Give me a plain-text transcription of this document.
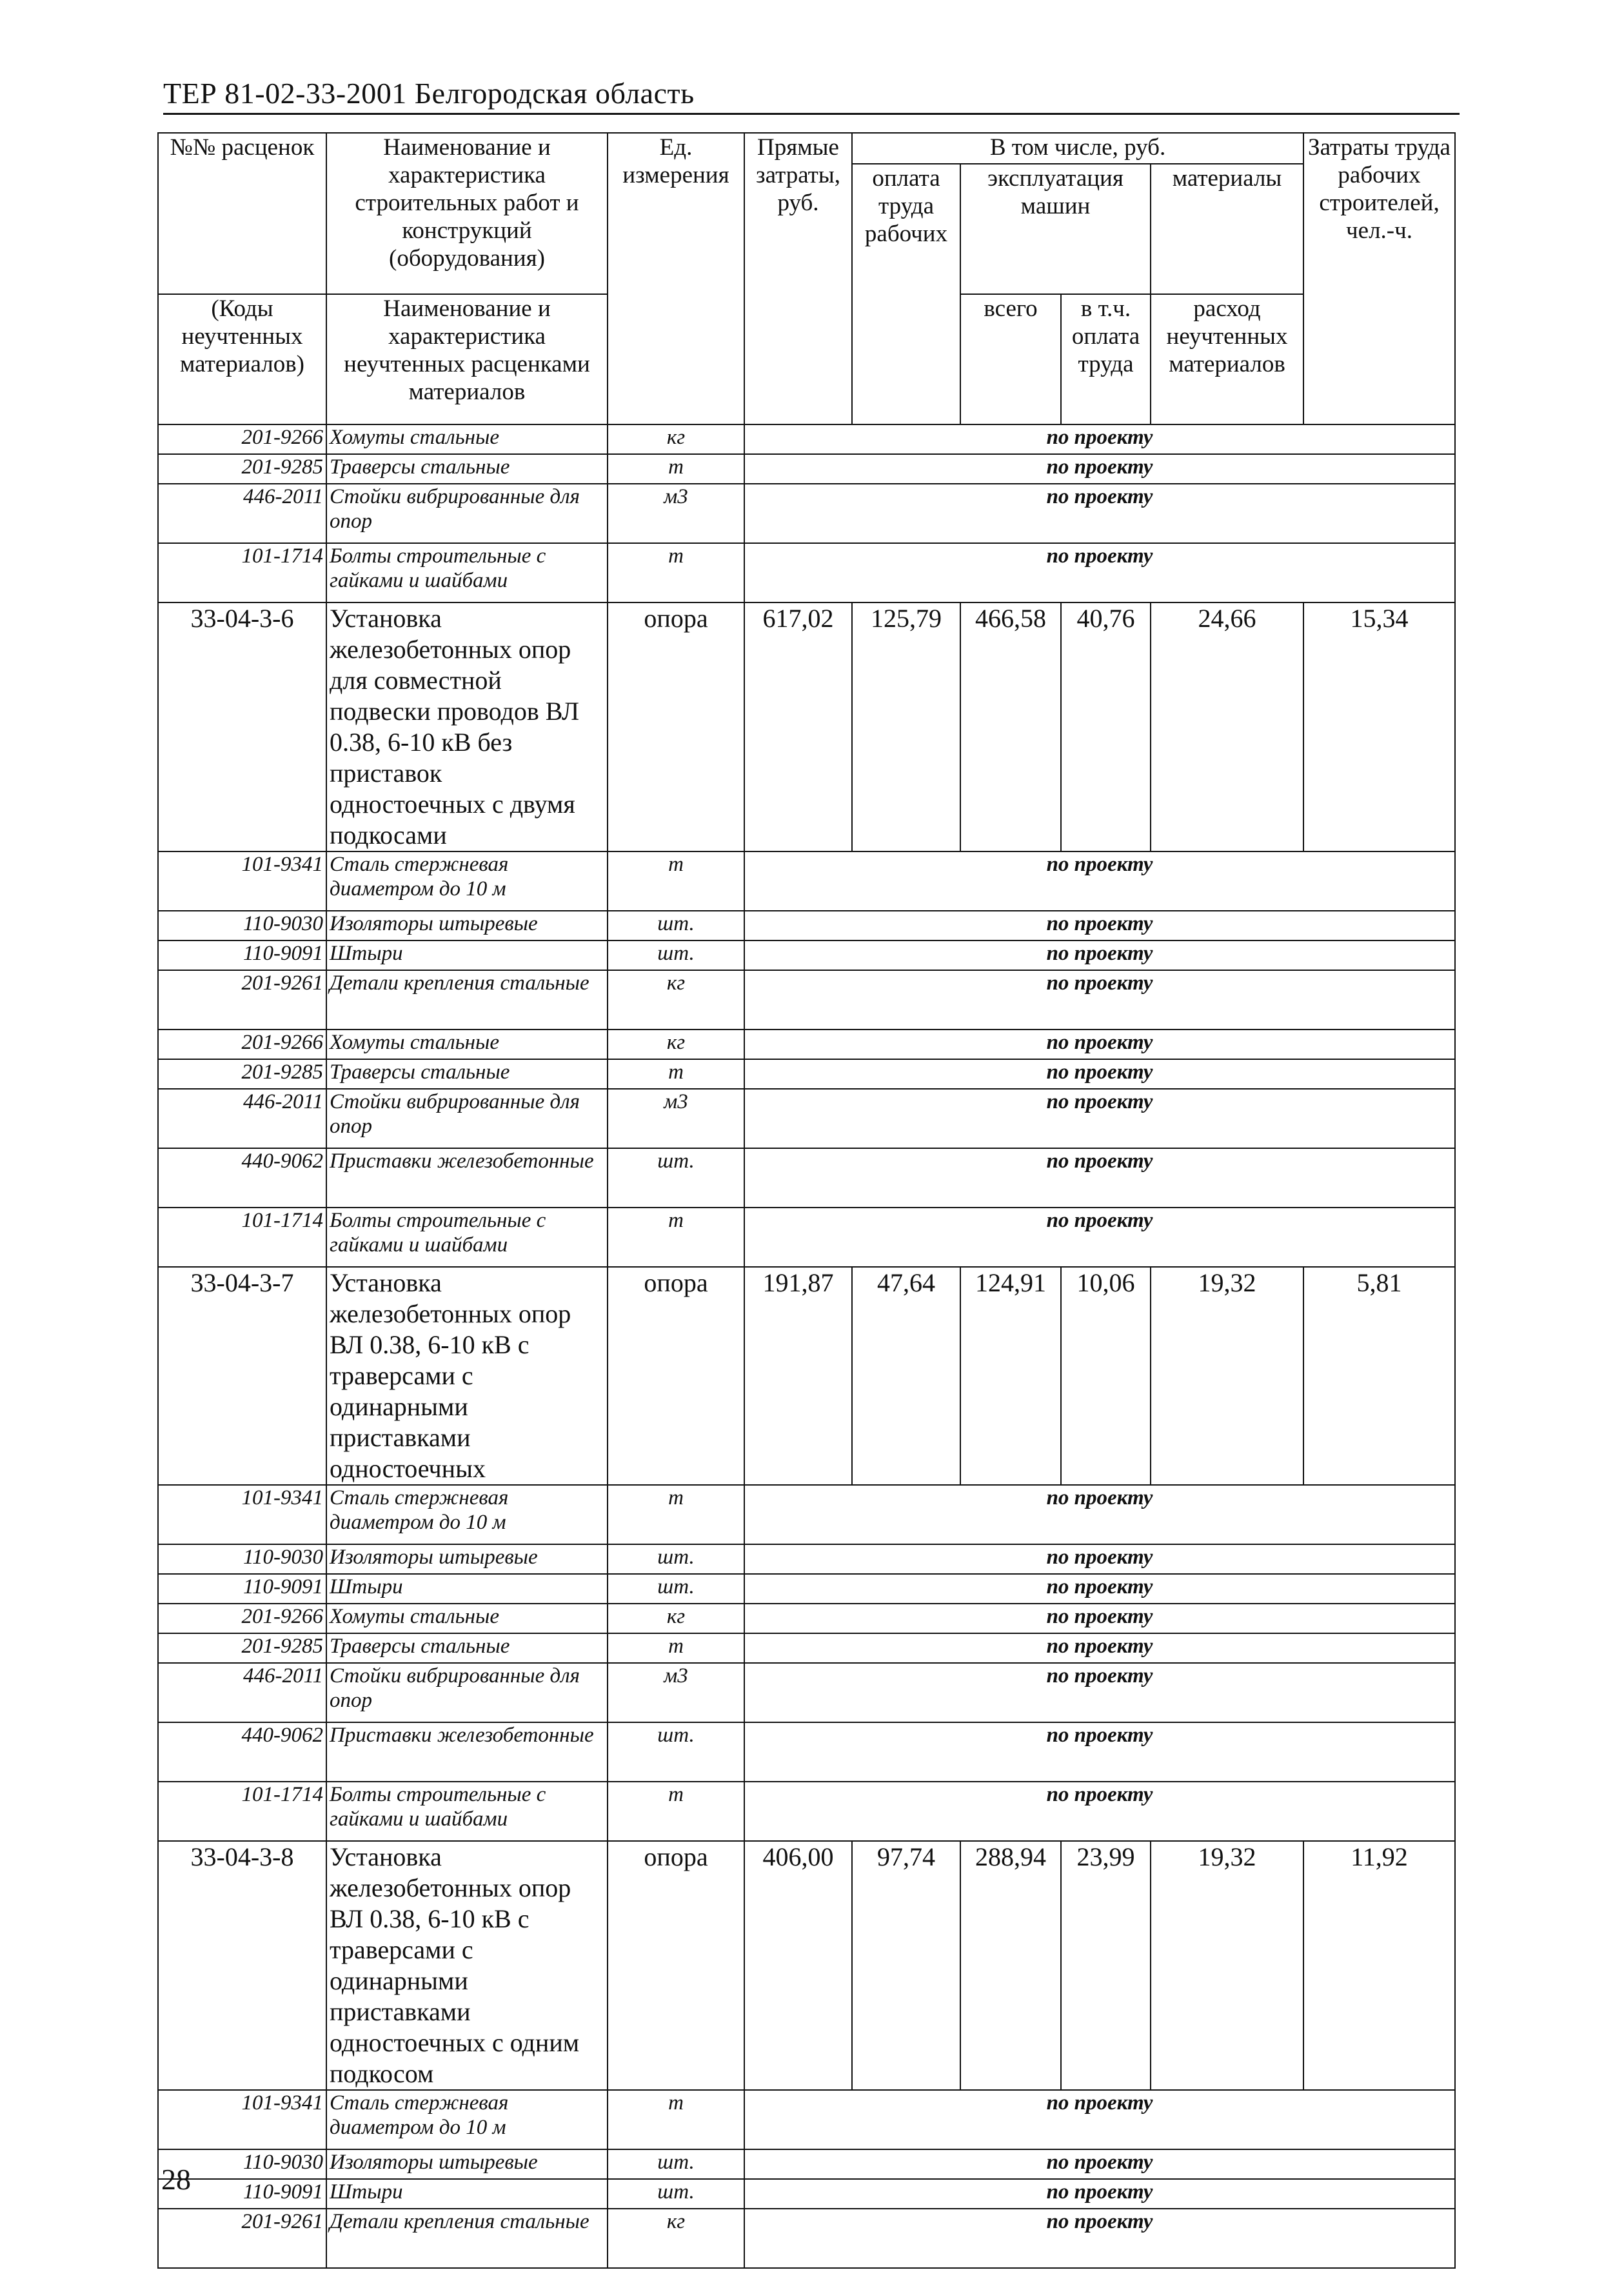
ТЕР 81-02-33-2001 Белгородская область
№№ расценок	Наименование и характеристика строительных работ и конструкций (оборудования)	Ед. измерения	Прямые затраты, руб.	В том числе, руб.				Затраты труда рабочих строителей, чел.-ч.
				оплата труда рабочих	эксплуатация машин		материалы	
(Коды неучтенных материалов)	Наименование и характеристика неучтенных расценками материалов				всего	в т.ч. оплата труда	расход неучтенных материалов	

201-9266	Хомуты стальные	кг	по проекту					
201-9285	Траверсы стальные	т	по проекту					
446-2011	Стойки вибрированные для опор	м3	по проекту					
101-1714	Болты строительные с гайками и шайбами	т	по проекту					
33-04-3-6	Установка железобетонных опор для совместной подвески проводов ВЛ 0.38, 6-10 кВ без приставок одностоечных с двумя подкосами	опора	617,02	125,79	466,58	40,76	24,66	15,34
101-9341	Сталь стержневая диаметром до 10 м	т	по проекту					
110-9030	Изоляторы штыревые	шт.	по проекту					
110-9091	Штыри	шт.	по проекту					
201-9261	Детали крепления стальные	кг	по проекту					
201-9266	Хомуты стальные	кг	по проекту					
201-9285	Траверсы стальные	т	по проекту					
446-2011	Стойки вибрированные для опор	м3	по проекту					
440-9062	Приставки железобетонные	шт.	по проекту					
101-1714	Болты строительные с гайками и шайбами	т	по проекту					
33-04-3-7	Установка железобетонных опор ВЛ 0.38, 6-10 кВ с траверсами с одинарными приставками одностоечных	опора	191,87	47,64	124,91	10,06	19,32	5,81
101-9341	Сталь стержневая диаметром до 10 м	т	по проекту					
110-9030	Изоляторы штыревые	шт.	по проекту					
110-9091	Штыри	шт.	по проекту					
201-9266	Хомуты стальные	кг	по проекту					
201-9285	Траверсы стальные	т	по проекту					
446-2011	Стойки вибрированные для опор	м3	по проекту					
440-9062	Приставки железобетонные	шт.	по проекту					
101-1714	Болты строительные с гайками и шайбами	т	по проекту					
33-04-3-8	Установка железобетонных опор ВЛ 0.38, 6-10 кВ с траверсами с одинарными приставками одностоечных с одним подкосом	опора	406,00	97,74	288,94	23,99	19,32	11,92
101-9341	Сталь стержневая диаметром до 10 м	т	по проекту					
110-9030	Изоляторы штыревые	шт.	по проекту					
110-9091	Штыри	шт.	по проекту					
201-9261	Детали крепления стальные	кг	по проекту					
28
